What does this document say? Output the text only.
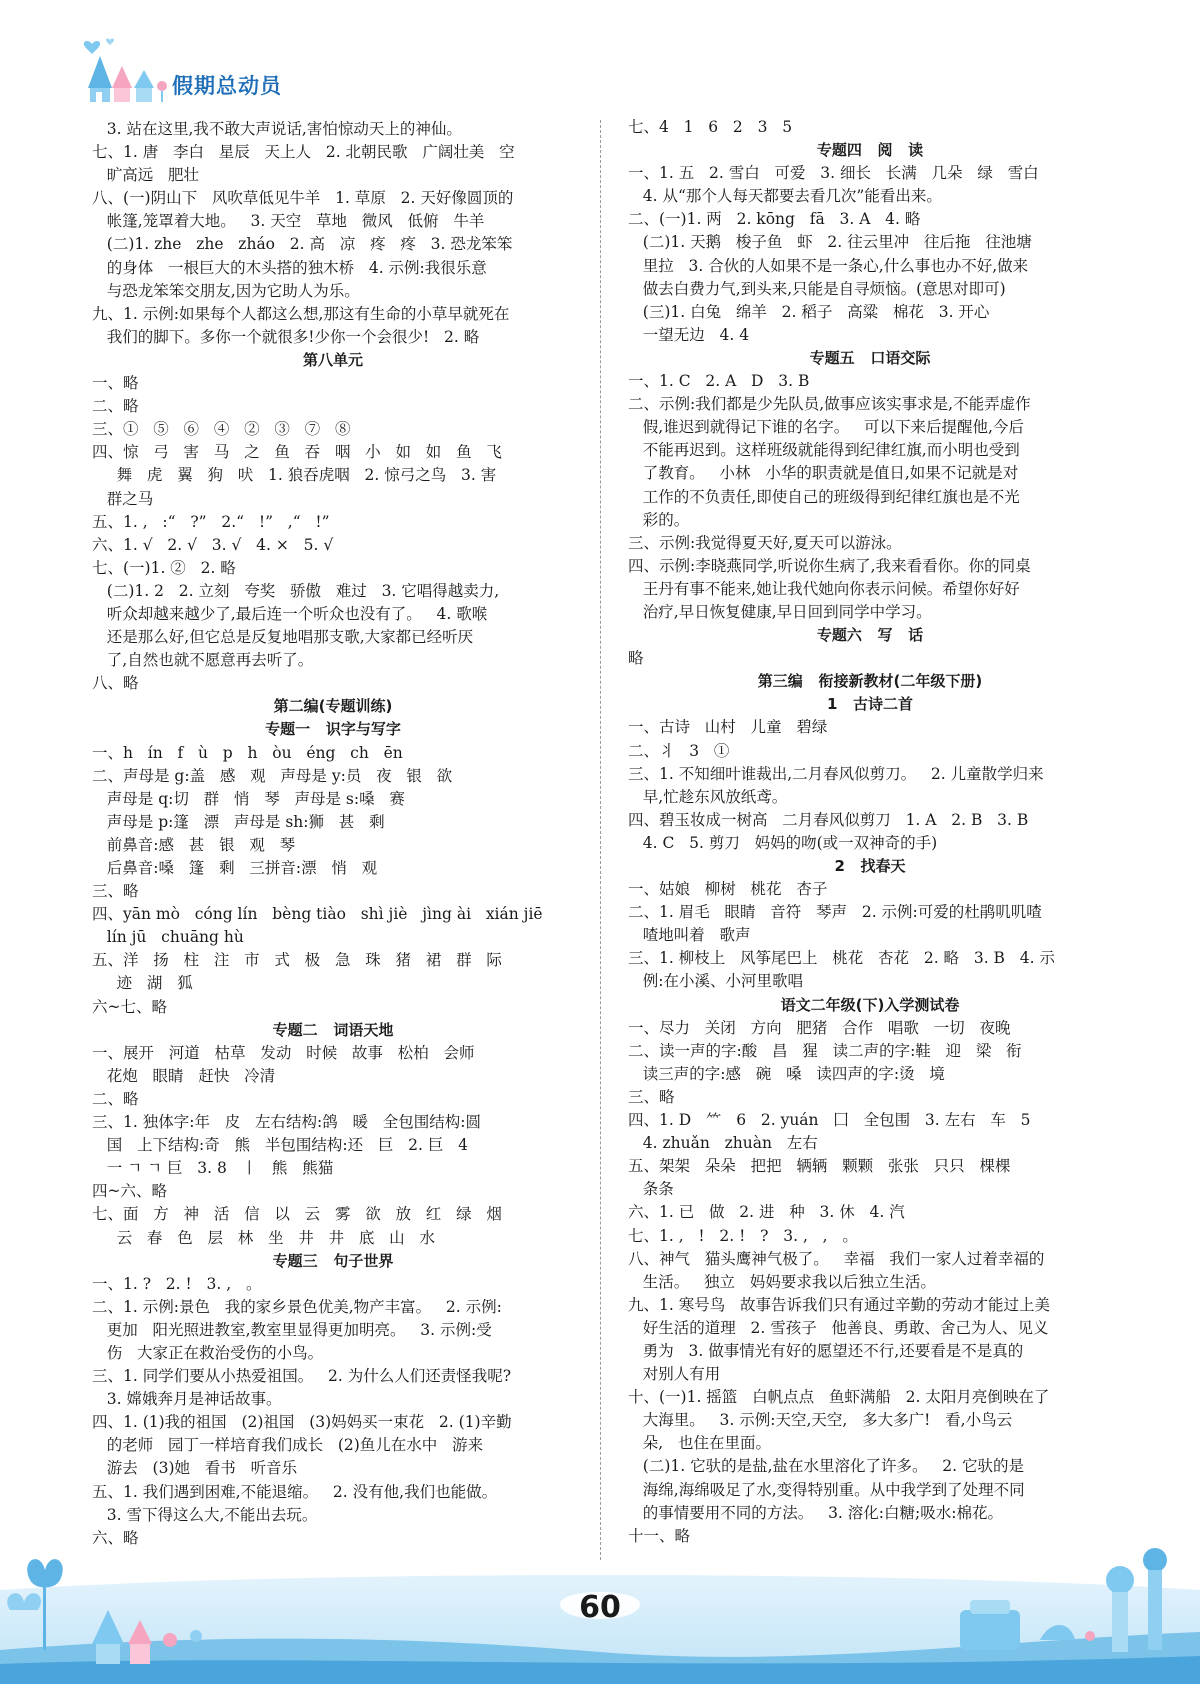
假期总动员
3. 站在这里,我不敢大声说话,害怕惊动天上的神仙。
七、1. 唐   李白   星辰   天上人   2. 北朝民歌   广阔壮美   空
旷高远   肥壮
八、(一)阴山下   风吹草低见牛羊   1. 草原   2. 天好像圆顶的
帐篷,笼罩着大地。   3. 天空   草地   微风   低俯   牛羊
(二)1. zhe   zhe   zháo   2. 高   凉   疼   疼   3. 恐龙笨笨
的身体   一根巨大的木头搭的独木桥   4. 示例:我很乐意
与恐龙笨笨交朋友,因为它助人为乐。
九、1. 示例:如果每个人都这么想,那这有生命的小草早就死在
我们的脚下。多你一个就很多!少你一个会很少!   2. 略
第八单元
一、略
二、略
三、①   ⑤   ⑥   ④   ②   ③   ⑦   ⑧
四、惊   弓   害   马   之   鱼   吞   咽   小   如   如   鱼   飞
舞   虎   翼   狗   吠   1. 狼吞虎咽   2. 惊弓之鸟   3. 害
群之马
五、1. ,   :“   ?”   2.“   !”   ,“   !”
六、1. √   2. √   3. √   4. ×   5. √
七、(一)1. ②   2. 略
(二)1. 2   2. 立刻   夸奖   骄傲   难过   3. 它唱得越卖力,
听众却越来越少了,最后连一个听众也没有了。   4. 歌喉
还是那么好,但它总是反复地唱那支歌,大家都已经听厌
了,自然也就不愿意再去听了。
八、略
第二编(专题训练)
专题一   识字与写字
一、h   ín   f   ù   p   h   òu   éng   ch   ēn
二、声母是 g:盖   感   观   声母是 y:员   夜   银   欲
声母是 q:切   群   悄   琴   声母是 s:嗓   赛
声母是 p:篷   漂   声母是 sh:狮   甚   剩
前鼻音:感   甚   银   观   琴
后鼻音:嗓   篷   剩   三拼音:漂   悄   观
三、略
四、yān mò   cóng lín   bèng tiào   shì jiè   jìng ài   xián jiē
lín jū   chuāng hù
五、洋   扬   柱   注   市   式   极   急   珠   猪   裙   群   际
迹   湖   狐
六~七、略
专题二   词语天地
一、展开   河道   枯草   发动   时候   故事   松柏   会师
花炮   眼睛   赶快   冷清
二、略
三、1. 独体字:年   皮   左右结构:鸽   暖   全包围结构:圆
国   上下结构:奇   熊   半包围结构:还   巨   2. 巨   4
一 ㄱ ㄱ 巨   3. 8   丨   熊   熊猫
四~六、略
七、面   方   神   活   信   以   云   雾   欲   放   红   绿   烟
云   春   色   层   林   坐   井   井   底   山   水
专题三   句子世界
一、1. ?   2. !   3. ,   。
二、1. 示例:景色   我的家乡景色优美,物产丰富。   2. 示例:
更加   阳光照进教室,教室里显得更加明亮。   3. 示例:受
伤   大家正在救治受伤的小鸟。
三、1. 同学们要从小热爱祖国。   2. 为什么人们还责怪我呢?
3. 嫦娥奔月是神话故事。
四、1. (1)我的祖国   (2)祖国   (3)妈妈买一束花   2. (1)辛勤
的老师   园丁一样培育我们成长   (2)鱼儿在水中   游来
游去   (3)她   看书   听音乐
五、1. 我们遇到困难,不能退缩。   2. 没有他,我们也能做。
3. 雪下得这么大,不能出去玩。
六、略
七、4   1   6   2   3   5
专题四   阅   读
一、1. 五   2. 雪白   可爱   3. 细长   长满   几朵   绿   雪白
4. 从“那个人每天都要去看几次”能看出来。
二、(一)1. 两   2. kōng   fā   3. A   4. 略
(二)1. 天鹅   梭子鱼   虾   2. 往云里冲   往后拖   往池塘
里拉   3. 合伙的人如果不是一条心,什么事也办不好,做来
做去白费力气,到头来,只能是自寻烦恼。(意思对即可)
(三)1. 白兔   绵羊   2. 稻子   高粱   棉花   3. 开心
一望无边   4. 4
专题五   口语交际
一、1. C   2. A   D   3. B
二、示例:我们都是少先队员,做事应该实事求是,不能弄虚作
假,谁迟到就得记下谁的名字。   可以下来后提醒他,今后
不能再迟到。这样班级就能得到纪律红旗,而小明也受到
了教育。   小林   小华的职责就是值日,如果不记就是对
工作的不负责任,即使自己的班级得到纪律红旗也是不光
彩的。
三、示例:我觉得夏天好,夏天可以游泳。
四、示例:李晓燕同学,听说你生病了,我来看看你。你的同桌
王丹有事不能来,她让我代她向你表示问候。希望你好好
治疗,早日恢复健康,早日回到同学中学习。
专题六   写   话
略
第三编   衔接新教材(二年级下册)
1   古诗二首
一、古诗   山村   儿童   碧绿
二、丬   3   ①
三、1. 不知细叶谁裁出,二月春风似剪刀。   2. 儿童散学归来
早,忙趁东风放纸鸢。
四、碧玉妆成一树高   二月春风似剪刀   1. A   2. B   3. B
4. C   5. 剪刀   妈妈的吻(或一双神奇的手)
2   找春天
一、姑娘   柳树   桃花   杏子
二、1. 眉毛   眼睛   音符   琴声   2. 示例:可爱的杜鹃叽叽喳
喳地叫着   歌声
三、1. 柳枝上   风筝尾巴上   桃花   杏花   2. 略   3. B   4. 示
例:在小溪、小河里歌唱
语文二年级(下)入学测试卷
一、尽力   关闭   方向   肥猪   合作   唱歌   一切   夜晚
二、读一声的字:酸   昌   猩   读二声的字:鞋   迎   梁   衔
读三声的字:感   碗   嗓   读四声的字:烫   境
三、略
四、1. D   ⺮   6   2. yuán   囗   全包围   3. 左右   车   5
4. zhuǎn   zhuàn   左右
五、架架   朵朵   把把   辆辆   颗颗   张张   只只   棵棵
条条
六、1. 已   做   2. 进   种   3. 休   4. 汽
七、1. ,   !   2. !   ?   3. ,   ,   。
八、神气   猫头鹰神气极了。   幸福   我们一家人过着幸福的
生活。   独立   妈妈要求我以后独立生活。
九、1. 寒号鸟   故事告诉我们只有通过辛勤的劳动才能过上美
好生活的道理   2. 雪孩子   他善良、勇敢、舍己为人、见义
勇为   3. 做事情光有好的愿望还不行,还要看是不是真的
对别人有用
十、(一)1. 摇篮   白帆点点   鱼虾满船   2. 太阳月亮倒映在了
大海里。   3. 示例:天空,天空,   多大多广!   看,小鸟云
朵,   也住在里面。
(二)1. 它驮的是盐,盐在水里溶化了许多。   2. 它驮的是
海绵,海绵吸足了水,变得特别重。从中我学到了处理不同
的事情要用不同的方法。   3. 溶化:白糖;吸水:棉花。
十一、略
60
